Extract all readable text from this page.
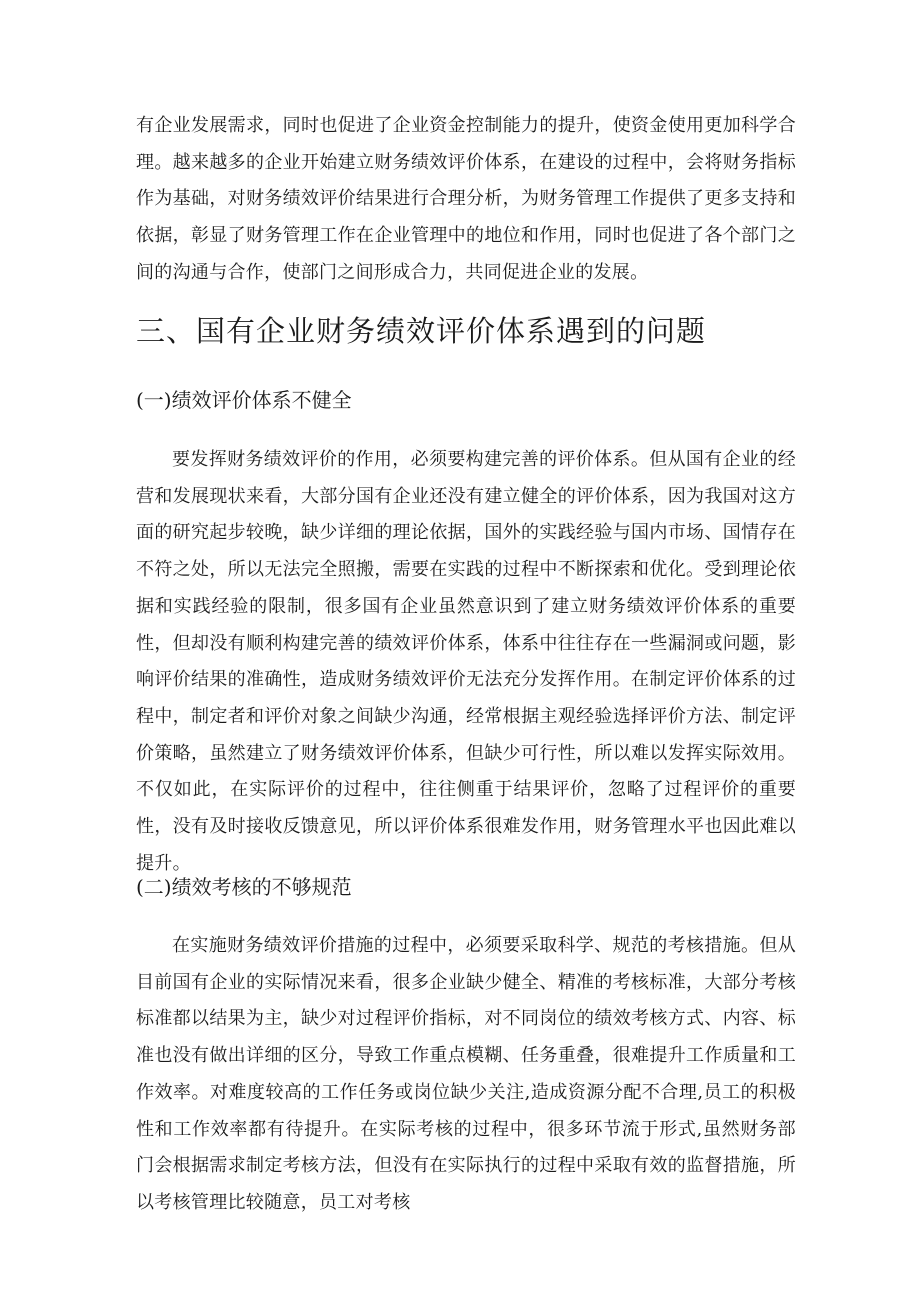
有企业发展需求，同时也促进了企业资金控制能力的提升，使资金使用更加科学合理。越来越多的企业开始建立财务绩效评价体系，在建设的过程中，会将财务指标作为基础，对财务绩效评价结果进行合理分析，为财务管理工作提供了更多支持和依据，彰显了财务管理工作在企业管理中的地位和作用，同时也促进了各个部门之间的沟通与合作，使部门之间形成合力，共同促进企业的发展。

三、国有企业财务绩效评价体系遇到的问题
(一)绩效评价体系不健全

要发挥财务绩效评价的作用，必须要构建完善的评价体系。但从国有企业的经营和发展现状来看，大部分国有企业还没有建立健全的评价体系，因为我国对这方面的研究起步较晚，缺少详细的理论依据，国外的实践经验与国内市场、国情存在不符之处，所以无法完全照搬，需要在实践的过程中不断探索和优化。受到理论依据和实践经验的限制，很多国有企业虽然意识到了建立财务绩效评价体系的重要性，但却没有顺利构建完善的绩效评价体系，体系中往往存在一些漏洞或问题，影响评价结果的准确性，造成财务绩效评价无法充分发挥作用。在制定评价体系的过程中，制定者和评价对象之间缺少沟通，经常根据主观经验选择评价方法、制定评价策略，虽然建立了财务绩效评价体系，但缺少可行性，所以难以发挥实际效用。不仅如此，在实际评价的过程中，往往侧重于结果评价，忽略了过程评价的重要性，没有及时接收反馈意见，所以评价体系很难发作用，财务管理水平也因此难以提升。

(二)绩效考核的不够规范

在实施财务绩效评价措施的过程中，必须要采取科学、规范的考核措施。但从目前国有企业的实际情况来看，很多企业缺少健全、精准的考核标准，大部分考核标准都以结果为主，缺少对过程评价指标，对不同岗位的绩效考核方式、内容、标准也没有做出详细的区分，导致工作重点模糊、任务重叠，很难提升工作质量和工作效率。对难度较高的工作任务或岗位缺少关注,造成资源分配不合理,员工的积极性和工作效率都有待提升。在实际考核的过程中，很多环节流于形式,虽然财务部门会根据需求制定考核方法，但没有在实际执行的过程中采取有效的监督措施，所以考核管理比较随意，员工对考核
